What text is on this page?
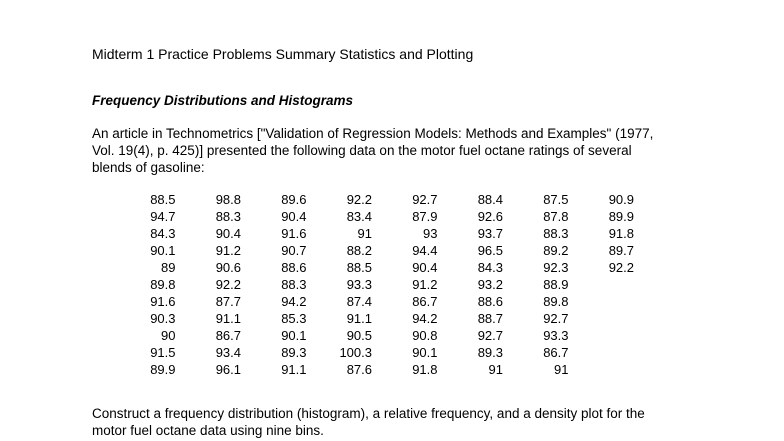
Midterm 1 Practice Problems Summary Statistics and Plotting
Frequency Distributions and Histograms
An article in Technometrics ["Validation of Regression Models: Methods and Examples" (1977,
Vol. 19(4), p. 425)] presented the following data on the motor fuel octane ratings of several
blends of gasoline:
88.5	98.8	89.6	92.2	92.7	88.4	87.5	90.9
94.7	88.3	90.4	83.4	87.9	92.6	87.8	89.9
84.3	90.4	91.6	91	93	93.7	88.3	91.8
90.1	91.2	90.7	88.2	94.4	96.5	89.2	89.7
89	90.6	88.6	88.5	90.4	84.3	92.3	92.2
89.8	92.2	88.3	93.3	91.2	93.2	88.9	
91.6	87.7	94.2	87.4	86.7	88.6	89.8	
90.3	91.1	85.3	91.1	94.2	88.7	92.7	
90	86.7	90.1	90.5	90.8	92.7	93.3	
91.5	93.4	89.3	100.3	90.1	89.3	86.7	
89.9	96.1	91.1	87.6	91.8	91	91	
Construct a frequency distribution (histogram), a relative frequency, and a density plot for the
motor fuel octane data using nine bins.
